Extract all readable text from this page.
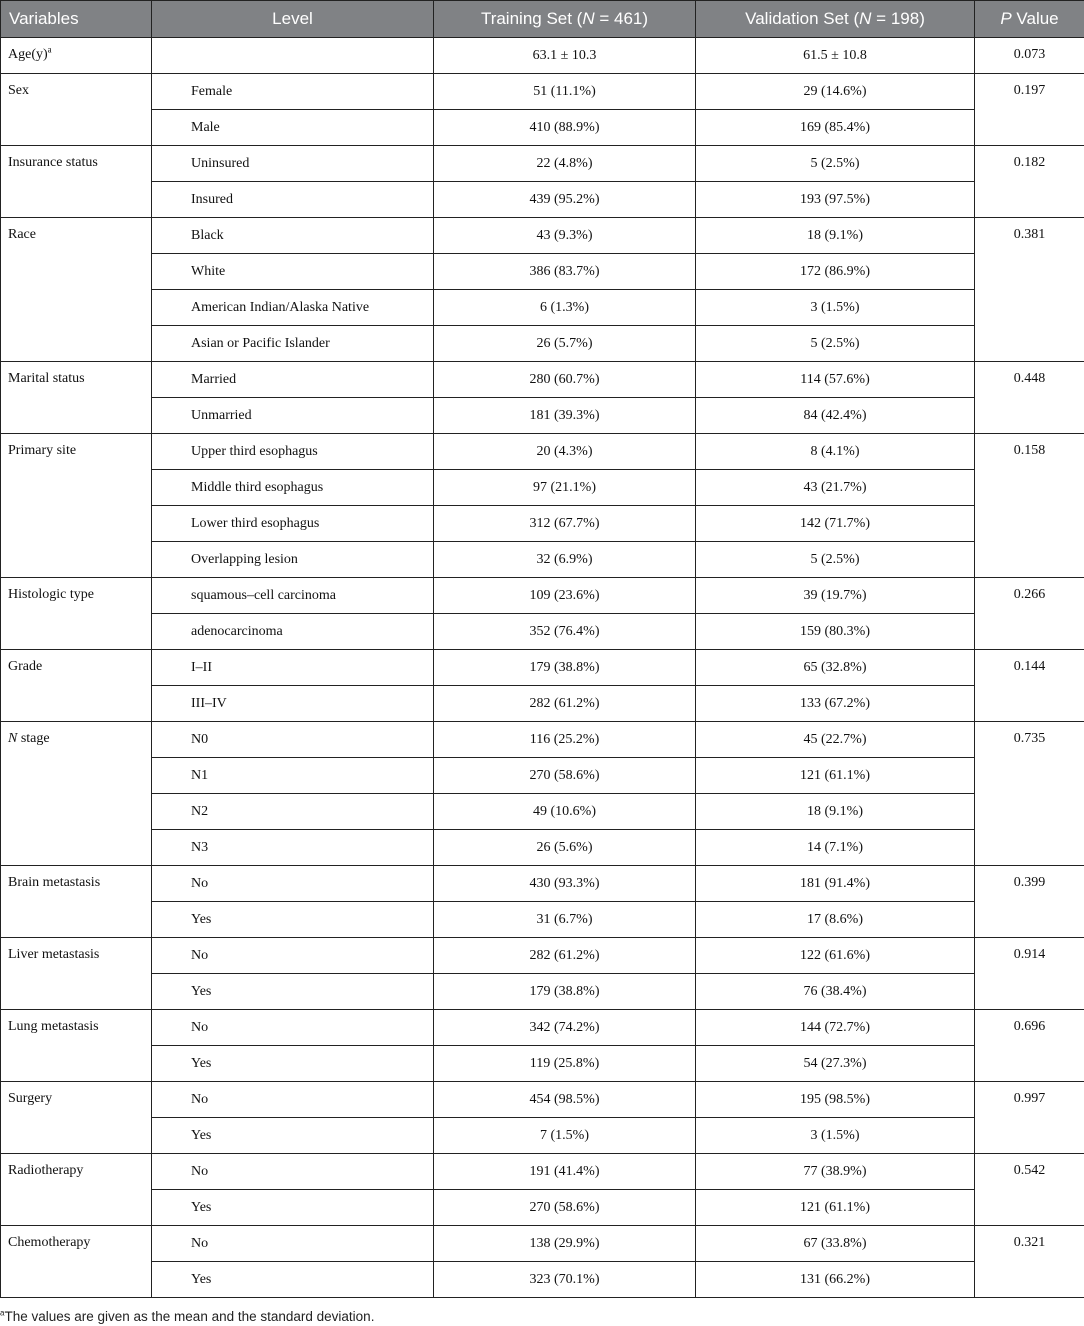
Variables	Level	Training Set (N = 461)	Validation Set (N = 198)	P Value
$Age(y)^a$		63.1 ± 10.3	61.5 ± 10.8	0.073
Sex	Female	51 (11.1%)	29 (14.6%)	0.197
	Male	410 (88.9%)	169 (85.4%)	
Insurance status	Uninsured	22 (4.8%)	5 (2.5%)	0.182
	Insured	439 (95.2%)	193 (97.5%)	
Race	Black	43 (9.3%)	18 (9.1%)	0.381
	White	386 (83.7%)	172 (86.9%)	
	American Indian/Alaska Native	6 (1.3%)	3 (1.5%)	
	Asian or Pacific Islander	26 (5.7%)	5 (2.5%)	
Marital status	Married	280 (60.7%)	114 (57.6%)	0.448
	Unmarried	181 (39.3%)	84 (42.4%)	
Primary site	Upper third esophagus	20 (4.3%)	8 (4.1%)	0.158
	Middle third esophagus	97 (21.1%)	43 (21.7%)	
	Lower third esophagus	312 (67.7%)	142 (71.7%)	
	Overlapping lesion	32 (6.9%)	5 (2.5%)	
Histologic type	squamous–cell carcinoma	109 (23.6%)	39 (19.7%)	0.266
	adenocarcinoma	352 (76.4%)	159 (80.3%)	
Grade	I–II	179 (38.8%)	65 (32.8%)	0.144
	III–IV	282 (61.2%)	133 (67.2%)	
N stage	N0	116 (25.2%)	45 (22.7%)	0.735
	N1	270 (58.6%)	121 (61.1%)	
	N2	49 (10.6%)	18 (9.1%)	
	N3	26 (5.6%)	14 (7.1%)	
Brain metastasis	No	430 (93.3%)	181 (91.4%)	0.399
	Yes	31 (6.7%)	17 (8.6%)	
Liver metastasis	No	282 (61.2%)	122 (61.6%)	0.914
	Yes	179 (38.8%)	76 (38.4%)	
Lung metastasis	No	342 (74.2%)	144 (72.7%)	0.696
	Yes	119 (25.8%)	54 (27.3%)	
Surgery	No	454 (98.5%)	195 (98.5%)	0.997
	Yes	7 (1.5%)	3 (1.5%)	
Radiotherapy	No	191 (41.4%)	77 (38.9%)	0.542
	Yes	270 (58.6%)	121 (61.1%)	
Chemotherapy	No	138 (29.9%)	67 (33.8%)	0.321
	Yes	323 (70.1%)	131 (66.2%)	
$^a$The values are given as the mean and the standard deviation.
